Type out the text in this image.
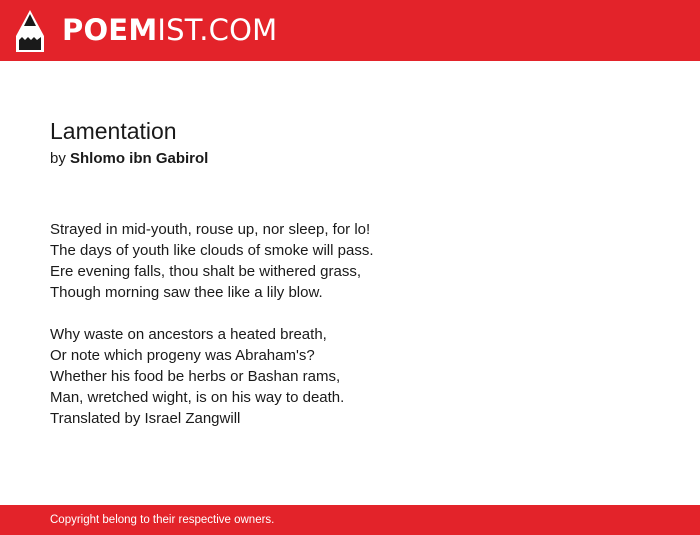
POEMIST.COM
Lamentation
by Shlomo ibn Gabirol
Strayed in mid-youth, rouse up, nor sleep, for lo!
The days of youth like clouds of smoke will pass.
Ere evening falls, thou shalt be withered grass,
Though morning saw thee like a lily blow.
Why waste on ancestors a heated breath,
Or note which progeny was Abraham's?
Whether his food be herbs or Bashan rams,
Man, wretched wight, is on his way to death.
Translated by Israel Zangwill
Copyright belong to their respective owners.
